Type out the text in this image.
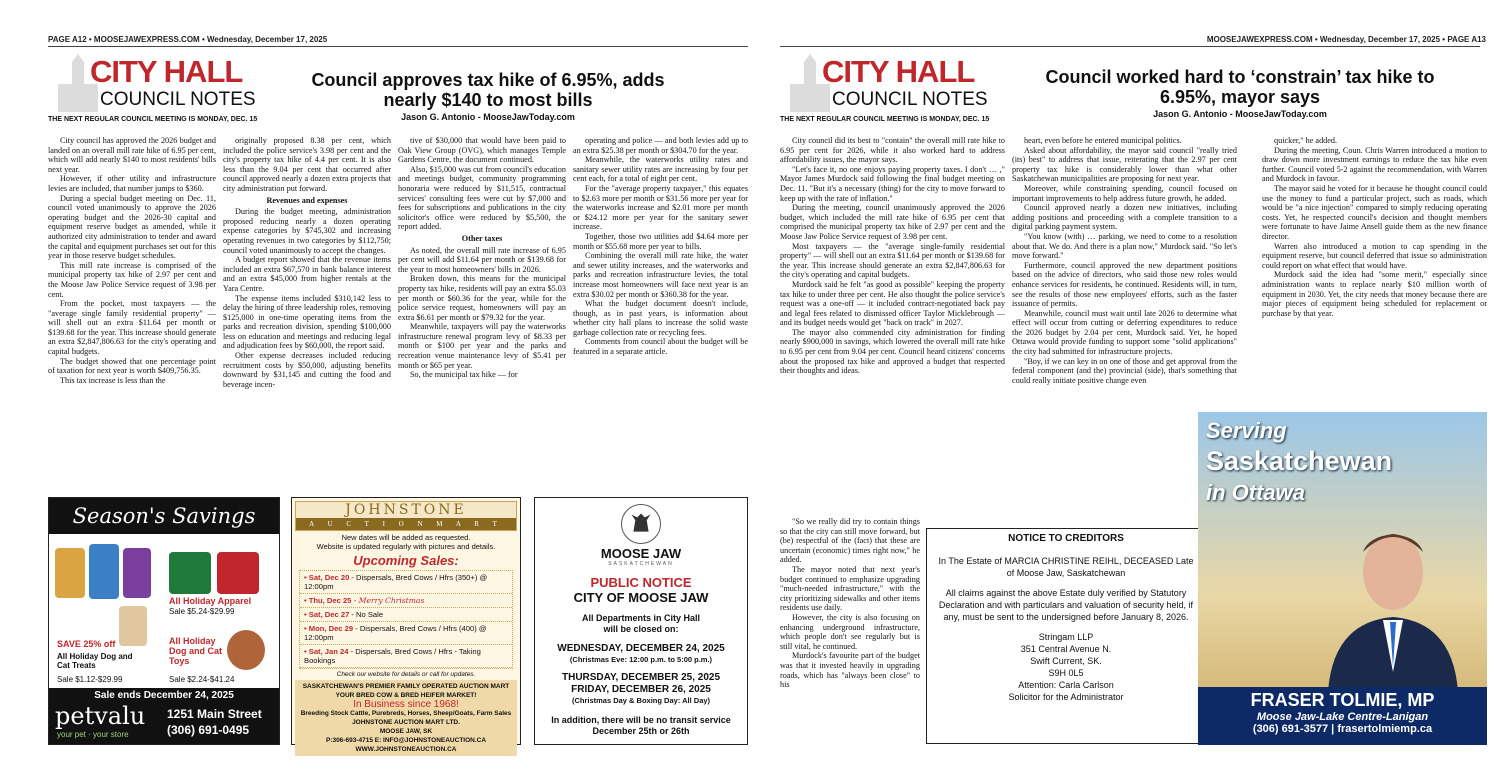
PAGE A12 • MOOSEJAWEXPRESS.COM • Wednesday, December 17, 2025
CITY HALL
COUNCIL NOTES
THE NEXT REGULAR COUNCIL MEETING IS MONDAY, DEC. 15
Council approves tax hike of 6.95%, adds nearly $140 to most bills
Jason G. Antonio - MooseJawToday.com

City council has approved the 2026 budget and landed on an overall mill rate hike of 6.95 per cent, which will add nearly $140 to most residents' bills next year.

However, if other utility and infrastructure levies are included, that number jumps to $360.

During a special budget meeting on Dec. 11, council voted unanimously to approve the 2026 operating budget and the 2026-30 capital and equipment reserve budget as amended, while it authorized city administration to tender and award the capital and equipment purchases set out for this year in those reserve budget schedules.

This mill rate increase is comprised of the municipal property tax hike of 2.97 per cent and the Moose Jaw Police Service request of 3.98 per cent.

From the pocket, most taxpayers — the "average single family residential property" — will shell out an extra $11.64 per month or $139.68 for the year. This increase should generate an extra $2,847,806.63 for the city's operating and capital budgets.

The budget showed that one percentage point of taxation for next year is worth $409,756.35.

This tax increase is less than the

originally proposed 8.38 per cent, which included the police service's 3.98 per cent and the city's property tax hike of 4.4 per cent. It is also less than the 9.04 per cent that occurred after council approved nearly a dozen extra projects that city administration put forward.

Revenues and expenses

During the budget meeting, administration proposed reducing nearly a dozen operating expense categories by $745,302 and increasing operating revenues in two categories by $112,750; council voted unanimously to accept the changes.

A budget report showed that the revenue items included an extra $67,570 in bank balance interest and an extra $45,000 from higher rentals at the Yara Centre.

The expense items included $310,142 less to delay the hiring of three leadership roles, removing $125,000 in one-time operating items from the parks and recreation division, spending $100,000 less on education and meetings and reducing legal and adjudication fees by $60,000, the report said.

Other expense decreases included reducing recruitment costs by $50,000, adjusting benefits downward by $31,145 and cutting the food and beverage incen-

tive of $30,000 that would have been paid to Oak View Group (OVG), which manages Temple Gardens Centre, the document continued.

Also, $15,000 was cut from council's education and meetings budget, community programming honoraria were reduced by $11,515, contractual services' consulting fees were cut by $7,000 and fees for subscriptions and publications in the city solicitor's office were reduced by $5,500, the report added.

Other taxes

As noted, the overall mill rate increase of 6.95 per cent will add $11.64 per month or $139.68 for the year to most homeowners' bills in 2026.

Broken down, this means for the municipal property tax hike, residents will pay an extra $5.03 per month or $60.36 for the year, while for the police service request, homeowners will pay an extra $6.61 per month or $79.32 for the year.

Meanwhile, taxpayers will pay the waterworks infrastructure renewal program levy of $8.33 per month or $100 per year and the parks and recreation venue maintenance levy of $5.41 per month or $65 per year.

So, the municipal tax hike — for

operating and police — and both levies add up to an extra $25.38 per month or $304.70 for the year.

Meanwhile, the waterworks utility rates and sanitary sewer utility rates are increasing by four per cent each, for a total of eight per cent.

For the "average property taxpayer," this equates to $2.63 more per month or $31.56 more per year for the waterworks increase and $2.01 more per month or $24.12 more per year for the sanitary sewer increase.

Together, those two utilities add $4.64 more per month or $55.68 more per year to bills.

Combining the overall mill rate hike, the water and sewer utility increases, and the waterworks and parks and recreation infrastructure levies, the total increase most homeowners will face next year is an extra $30.02 per month or $360.38 for the year.

What the budget document doesn't include, though, as in past years, is information about whether city hall plans to increase the solid waste garbage collection rate or recycling fees.

Comments from council about the budget will be featured in a separate article.

Season's Savings
All Holiday Apparel
Sale $5.24-$29.99
SAVE 25% off
All Holiday Dog and Cat Treats
Sale $1.12-$29.99
All Holiday Dog and Cat Toys
Sale $2.24-$41.24
Sale ends December 24, 2025
petvalu
your pet · your store
1251 Main Street
(306) 691-0495
JOHNSTONE
A U C T I O N M A R T
New dates will be added as requested.
Website is updated regularly with pictures and details.
Upcoming Sales:
• Sat, Dec 20 - Dispersals, Bred Cows / Hfrs (350+) @ 12:00pm
• Thu, Dec 25 - Merry Christmas
• Sat, Dec 27 - No Sale
• Mon, Dec 29 - Dispersals, Bred Cows / Hfrs (400) @ 12:00pm
• Sat, Jan 24 - Dispersals, Bred Cows / Hfrs - Taking Bookings
Check our website for details or call for updates.
SASKATCHEWAN'S PREMIER FAMILY OPERATED AUCTION MART
YOUR BRED COW & BRED HEIFER MARKET!
In Business since 1968!
Breeding Stock Cattle, Purebreds, Horses, Sheep/Goats, Farm Sales
JOHNSTONE AUCTION MART LTD.
MOOSE JAW, SK
P:306-693-4715 E: INFO@JOHNSTONEAUCTION.CA
WWW.JOHNSTONEAUCTION.CA
MOOSE JAW
SASKATCHEWAN
PUBLIC NOTICE
CITY OF MOOSE JAW
All Departments in City Hall
will be closed on:
WEDNESDAY, DECEMBER 24, 2025
(Christmas Eve: 12:00 p.m. to 5:00 p.m.)
THURSDAY, DECEMBER 25, 2025
FRIDAY, DECEMBER 26, 2025
(Christmas Day & Boxing Day: All Day)
In addition, there will be no transit service
December 25th or 26th
MOOSEJAWEXPRESS.COM • Wednesday, December 17, 2025 • PAGE A13
CITY HALL
COUNCIL NOTES
THE NEXT REGULAR COUNCIL MEETING IS MONDAY, DEC. 15
Council worked hard to ‘constrain’ tax hike to 6.95%, mayor says
Jason G. Antonio - MooseJawToday.com

City council did its best to "contain" the overall mill rate hike to 6.95 per cent for 2026, while it also worked hard to address affordability issues, the mayor says.

"Let's face it, no one enjoys paying property taxes. I don't … ," Mayor James Murdock said following the final budget meeting on Dec. 11. "But it's a necessary (thing) for the city to move forward to keep up with the rate of inflation."

During the meeting, council unanimously approved the 2026 budget, which included the mill rate hike of 6.95 per cent that comprised the municipal property tax hike of 2.97 per cent and the Moose Jaw Police Service request of 3.98 per cent.

Most taxpayers — the "average single-family residential property" — will shell out an extra $11.64 per month or $139.68 for the year. This increase should generate an extra $2,847,806.63 for the city's operating and capital budgets.

Murdock said he felt "as good as possible" keeping the property tax hike to under three per cent. He also thought the police service's request was a one-off — it included contract-negotiated back pay and legal fees related to dismissed officer Taylor Micklebrough — and its budget needs would get "back on track" in 2027.

The mayor also commended city administration for finding nearly $900,000 in savings, which lowered the overall mill rate hike to 6.95 per cent from 9.04 per cent. Council heard citizens' concerns about the proposed tax hike and approved a budget that respected their thoughts and ideas.

"So we really did try to contain things so that the city can still move forward, but (be) respectful of the (fact) that these are uncertain (economic) times right now," he added.

The mayor noted that next year's budget continued to emphasize upgrading "much-needed infrastructure," with the city prioritizing sidewalks and other items residents use daily.

However, the city is also focusing on enhancing underground infrastructure, which people don't see regularly but is still vital, he continued.

Murdock's favourite part of the budget was that it invested heavily in upgrading roads, which has "always been close" to his

heart, even before he entered municipal politics.

Asked about affordability, the mayor said council "really tried (its) best" to address that issue, reiterating that the 2.97 per cent property tax hike is considerably lower than what other Saskatchewan municipalities are proposing for next year.

Moreover, while constraining spending, council focused on important improvements to help address future growth, he added.

Council approved nearly a dozen new initiatives, including adding positions and proceeding with a complete transition to a digital parking payment system.

"You know (with) … parking, we need to come to a resolution about that. We do. And there is a plan now," Murdock said. "So let's move forward."

Furthermore, council approved the new department positions based on the advice of directors, who said those new roles would enhance services for residents, he continued. Residents will, in turn, see the results of those new employees' efforts, such as the faster issuance of permits.

Meanwhile, council must wait until late 2026 to determine what effect will occur from cutting or deferring expenditures to reduce the 2026 budget by 2.04 per cent, Murdock said. Yet, he hoped Ottawa would provide funding to support some "solid applications" the city had submitted for infrastructure projects.

"Boy, if we can key in on one of those and get approval from the federal component (and the) provincial (side), that's something that could really initiate positive change even

quicker," he added.

During the meeting, Coun. Chris Warren introduced a motion to draw down more investment earnings to reduce the tax hike even further. Council voted 5-2 against the recommendation, with Warren and Murdock in favour.

The mayor said he voted for it because he thought council could use the money to fund a particular project, such as roads, which would be "a nice injection" compared to simply reducing operating costs. Yet, he respected council's decision and thought members were fortunate to have Jaime Ansell guide them as the new finance director.

Warren also introduced a motion to cap spending in the equipment reserve, but council deferred that issue so administration could report on what effect that would have.

Murdock said the idea had "some merit," especially since administration wants to replace nearly $10 million worth of equipment in 2030. Yet, the city needs that money because there are major pieces of equipment being scheduled for replacement or purchase by that year.

NOTICE TO CREDITORS

In The Estate of MARCIA CHRISTINE REIHL, DECEASED Late of Moose Jaw, Saskatchewan

All claims against the above Estate duly verified by Statutory Declaration and with particulars and valuation of security held, if any, must be sent to the undersigned before January 8, 2026.

Stringam LLP
351 Central Avenue N.
Swift Current, SK.
S9H 0L5
Attention: Carla Carlson
Solicitor for the Administrator
Serving
Saskatchewan
in Ottawa
FRASER TOLMIE, MP
Moose Jaw-Lake Centre-Lanigan
(306) 691-3577 | frasertolmiemp.ca
